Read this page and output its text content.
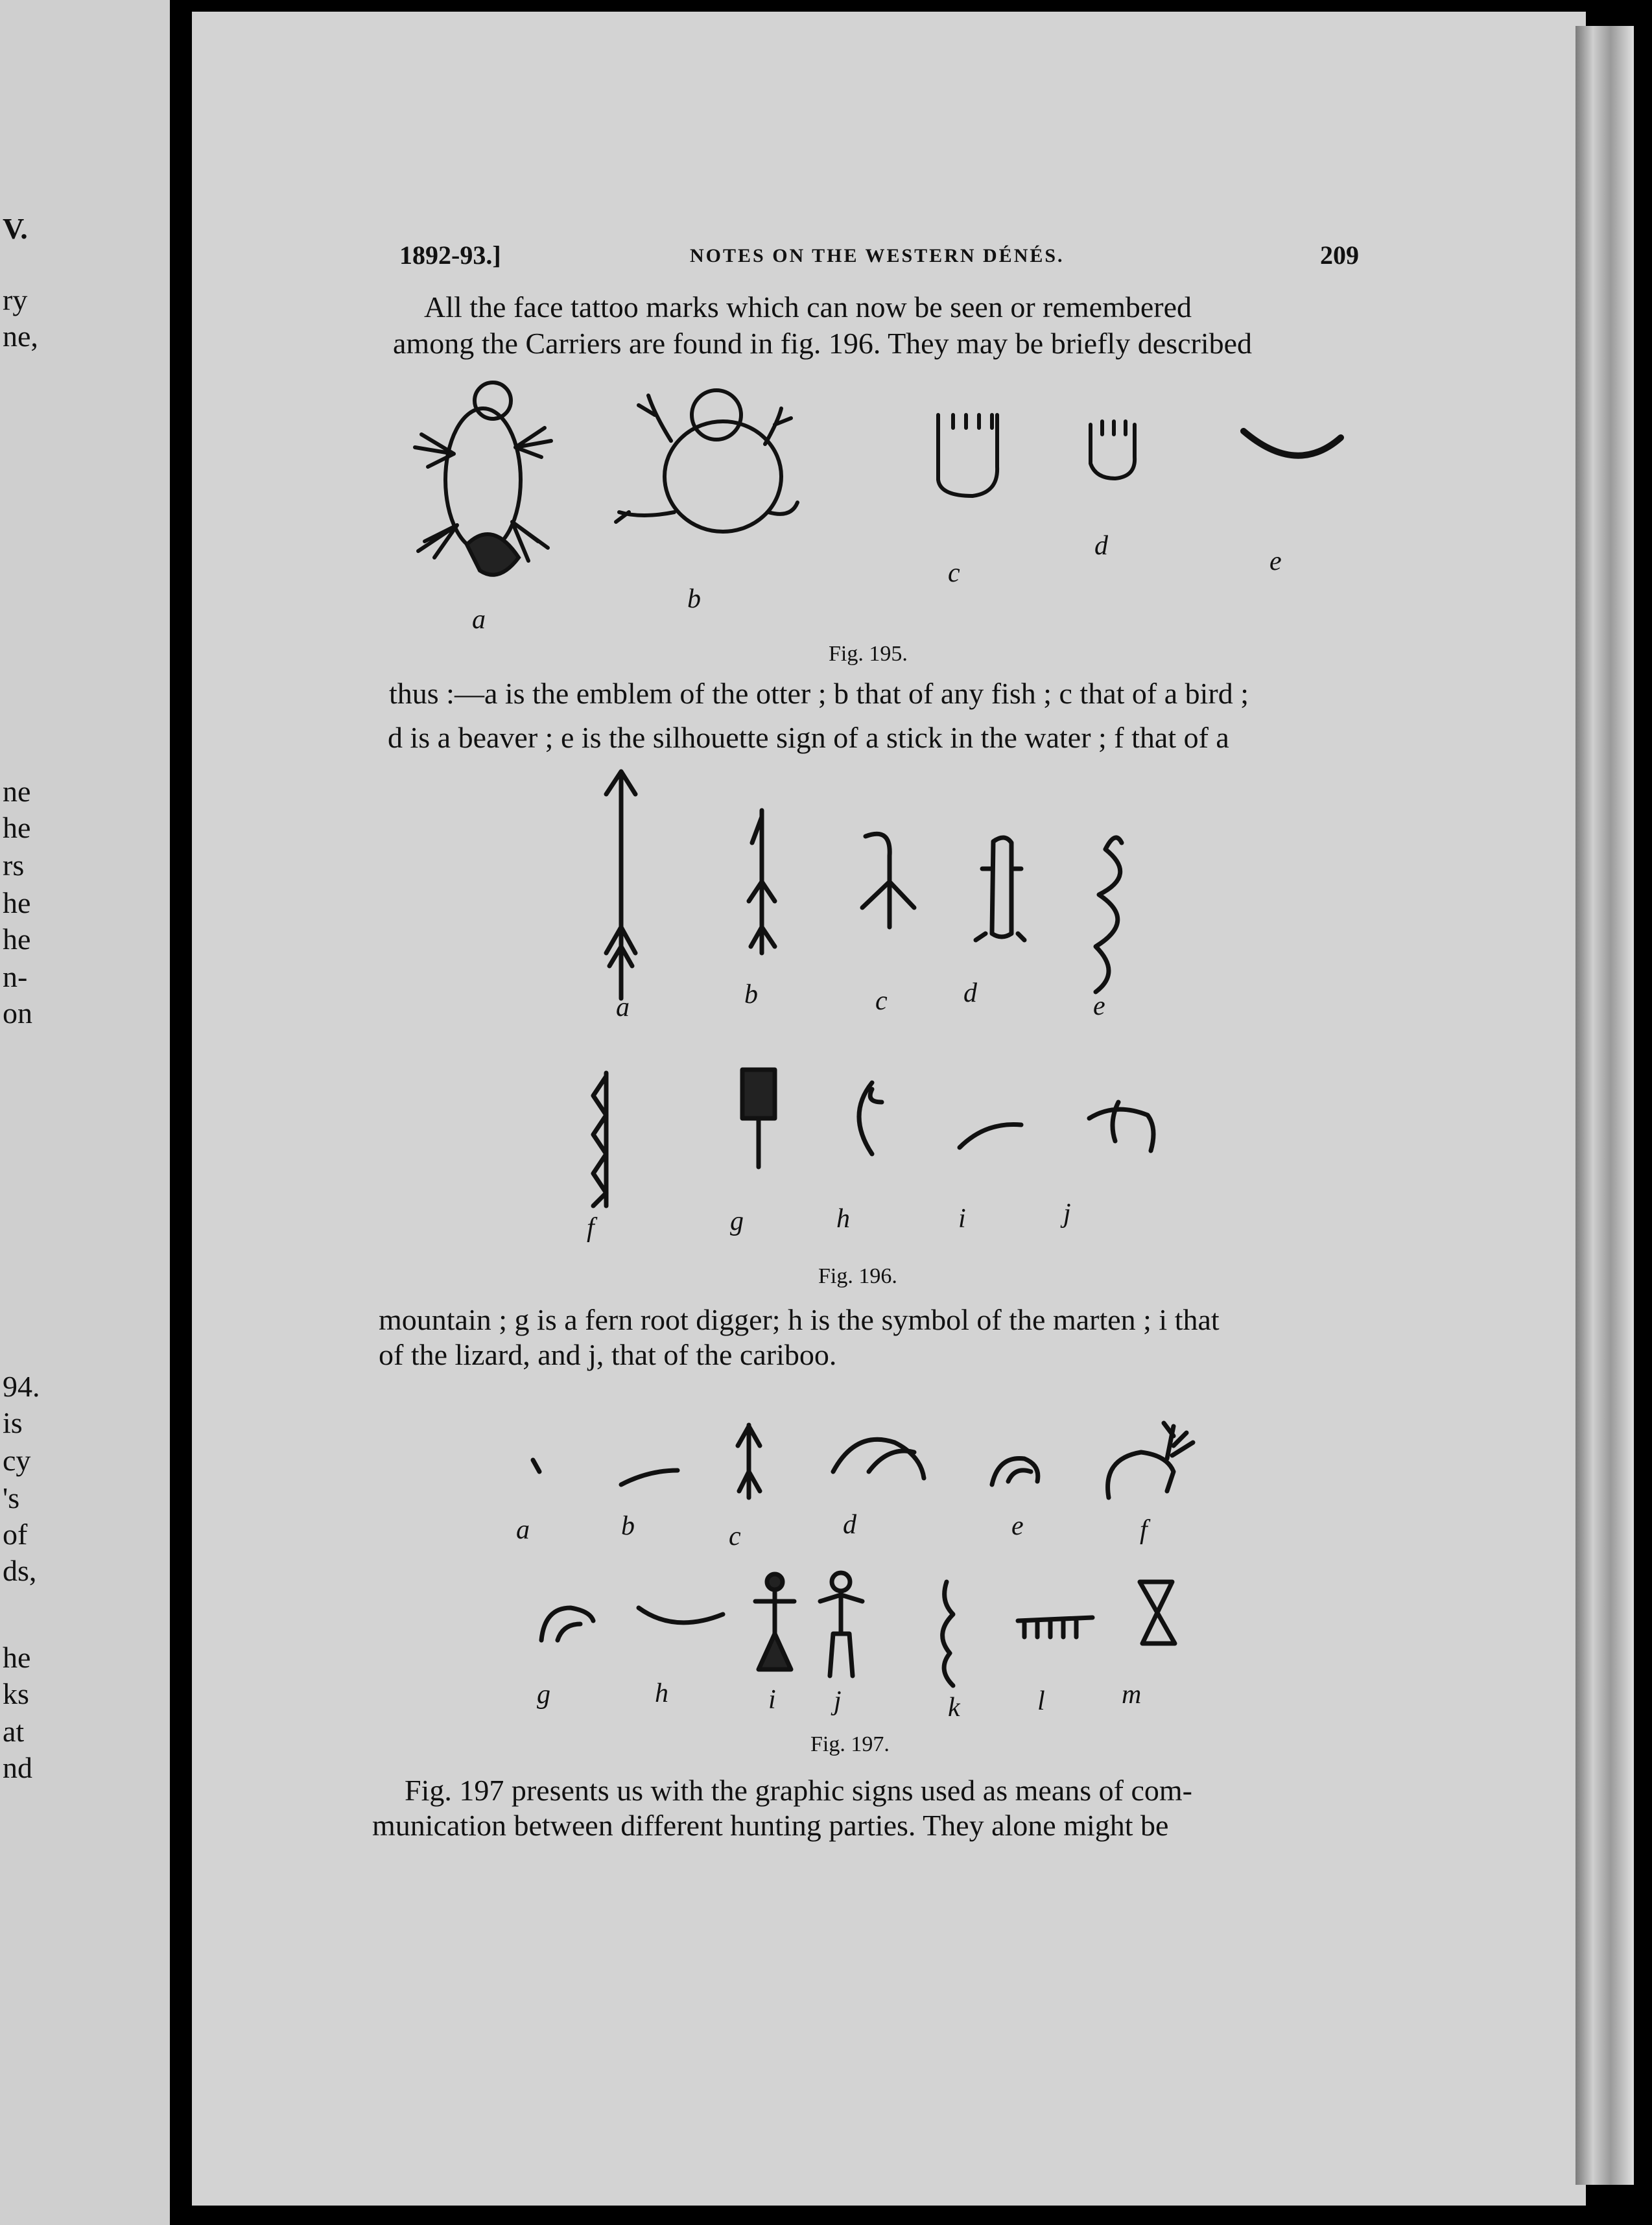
V.
ry
ne,
ne
he
rs
he
he
n-
on
94.
is
cy
's
of
ds,
he
ks
at
nd
1892-93.]	NOTES ON THE WESTERN DÉNÉS.	209
All the face tattoo marks which can now be seen or remembered
among the Carriers are found in fig. 196. They may be briefly described
a
b
c
d
e
Fig. 195.
thus :—a is the emblem of the otter ; b that of any fish ; c that of a bird ;
d is a beaver ; e is the silhouette sign of a stick in the water ; f that of a
a	b	c	d	e
f	g	h	i	j
Fig. 196.
mountain ; g is a fern root digger; h is the symbol of the marten ; i that
of the lizard, and j, that of the cariboo.
a	b	c	d	e	f
g	h	i j	k	l	m
Fig. 197.
Fig. 197 presents us with the graphic signs used as means of com-
munication between different hunting parties. They alone might be
